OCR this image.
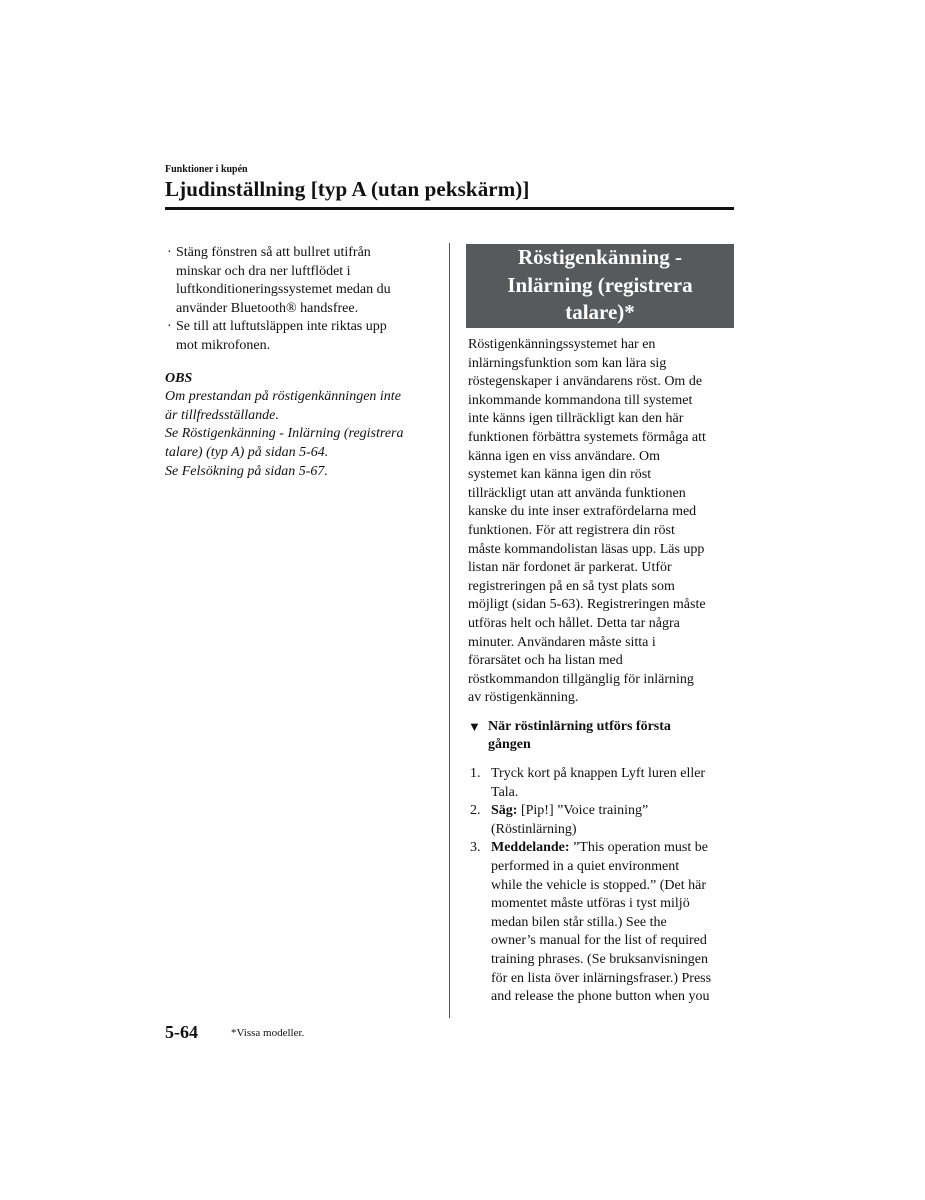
Funktioner i kupén
Ljudinställning [typ A (utan pekskärm)]
· Stäng fönstren så att bullret utifrån
minskar och dra ner luftflödet i
luftkonditioneringssystemet medan du
använder Bluetooth® handsfree.
· Se till att luftutsläppen inte riktas upp
mot mikrofonen.
OBS

Om prestandan på röstigenkänningen inte

är tillfredsställande.

Se Röstigenkänning - Inlärning (registrera

talare) (typ A) på sidan 5-64.

Se Felsökning på sidan 5-67.

Röstigenkänning -
Inlärning (registrera
talare)*
Röstigenkänningssystemet har en
inlärningsfunktion som kan lära sig
röstegenskaper i användarens röst. Om de
inkommande kommandona till systemet
inte känns igen tillräckligt kan den här
funktionen förbättra systemets förmåga att
känna igen en viss användare. Om
systemet kan känna igen din röst
tillräckligt utan att använda funktionen
kanske du inte inser extrafördelarna med
funktionen. För att registrera din röst
måste kommandolistan läsas upp. Läs upp
listan när fordonet är parkerat. Utför
registreringen på en så tyst plats som
möjligt (sidan 5-63). Registreringen måste
utföras helt och hållet. Detta tar några
minuter. Användaren måste sitta i
förarsätet och ha listan med
röstkommandon tillgänglig för inlärning
av röstigenkänning.
▼ När röstinlärning utförs första
gången
1. Tryck kort på knappen Lyft luren eller
Tala.
2. Säg: [Pip!] ”Voice training”
(Röstinlärning)
3. Meddelande: ”This operation must be
performed in a quiet environment
while the vehicle is stopped.” (Det här
momentet måste utföras i tyst miljö
medan bilen står stilla.) See the
owner’s manual for the list of required
training phrases. (Se bruksanvisningen
för en lista över inlärningsfraser.) Press
and release the phone button when you
5-64	*Vissa modeller.
